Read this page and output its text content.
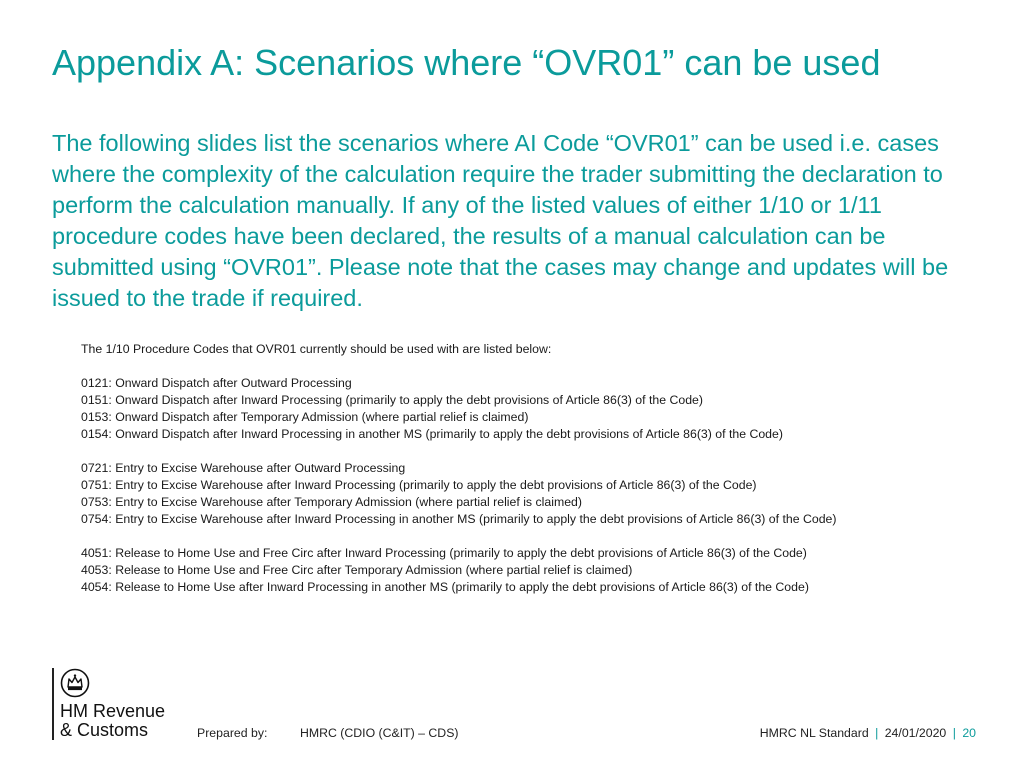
Appendix A: Scenarios where “OVR01” can be used

The following slides list the scenarios where AI Code “OVR01” can be used i.e. cases where the complexity of the calculation require the trader submitting the declaration to perform the calculation manually. If any of the listed values of either 1/10 or 1/11 procedure codes have been declared, the results of a manual calculation can be submitted using “OVR01”. Please note that the cases may change and updates will be issued to the trade if required.

The 1/10 Procedure Codes that OVR01 currently should be used with are listed below:
0121: Onward Dispatch after Outward Processing
0151: Onward Dispatch after Inward Processing (primarily to apply the debt provisions of Article 86(3) of the Code)
0153: Onward Dispatch after Temporary Admission (where partial relief is claimed)
0154: Onward Dispatch after Inward Processing in another MS (primarily to apply the debt provisions of Article 86(3) of the Code)
0721: Entry to Excise Warehouse after Outward Processing
0751: Entry to Excise Warehouse after Inward Processing (primarily to apply the debt provisions of Article 86(3) of the Code)
0753: Entry to Excise Warehouse after Temporary Admission (where partial relief is claimed)
0754: Entry to Excise Warehouse after Inward Processing in another MS (primarily to apply the debt provisions of Article 86(3) of the Code)
4051: Release to Home Use and Free Circ after Inward Processing (primarily to apply the debt provisions of Article 86(3) of the Code)
4053: Release to Home Use and Free Circ after Temporary Admission (where partial relief is claimed)
4054: Release to Home Use after Inward Processing in another MS (primarily to apply the debt provisions of Article 86(3) of the Code)
HM Revenue
& Customs	Prepared by:	HMRC (CDIO (C&IT) – CDS)	HMRC NL Standard | 24/01/2020 | 20
